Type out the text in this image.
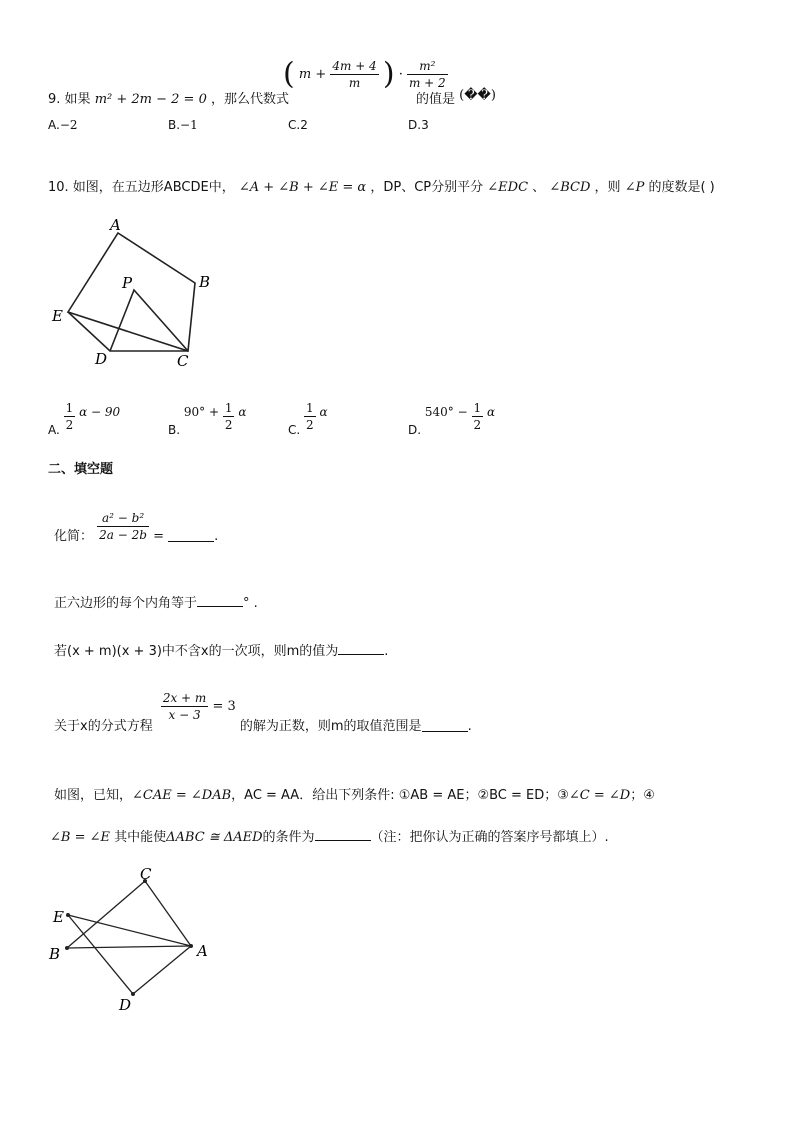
9. 如果 m² + 2m − 2 = 0 ，那么代数式
( $m + \frac{4m + 4}{m}$ ) · $\frac{\text{m²}}{m + 2}$
的值是 (��)
A.−2	B.−1	C.2	D.3
10. 如图，在五边形ABCDE中， ∠A + ∠B + ∠E = α ，DP、CP分别平分 ∠EDC 、 ∠BCD ，则 ∠P 的度数是( )
A
B
C
D
E
P
A. $\frac{1}{2}$ α − 90
B. $90^\circ + \frac{1}{2}$ α
C. $\frac{1}{2}$ α
D. $540^\circ - \frac{1}{2}$ α
二、填空题
化简： $\frac{\text{a² − b²}}{2a - 2b}$ =	.
正六边形的每个内角等于	° .
若(x + m)(x + 3)中不含x的一次项，则m的值为	.
关于x的分式方程
$\frac{2x + m}{x - 3} = 3$ 的解为正数，则m的取值范围是	.
如图，已知，∠CAE = ∠DAB，AC = AA．给出下列条件: ①AB = AE；②BC = ED；③∠C = ∠D；④
∠B = ∠E 其中能使ΔABC ≅ ΔAED的条件为	（注：把你认为正确的答案序号都填上）.
C
E
B	A
D
